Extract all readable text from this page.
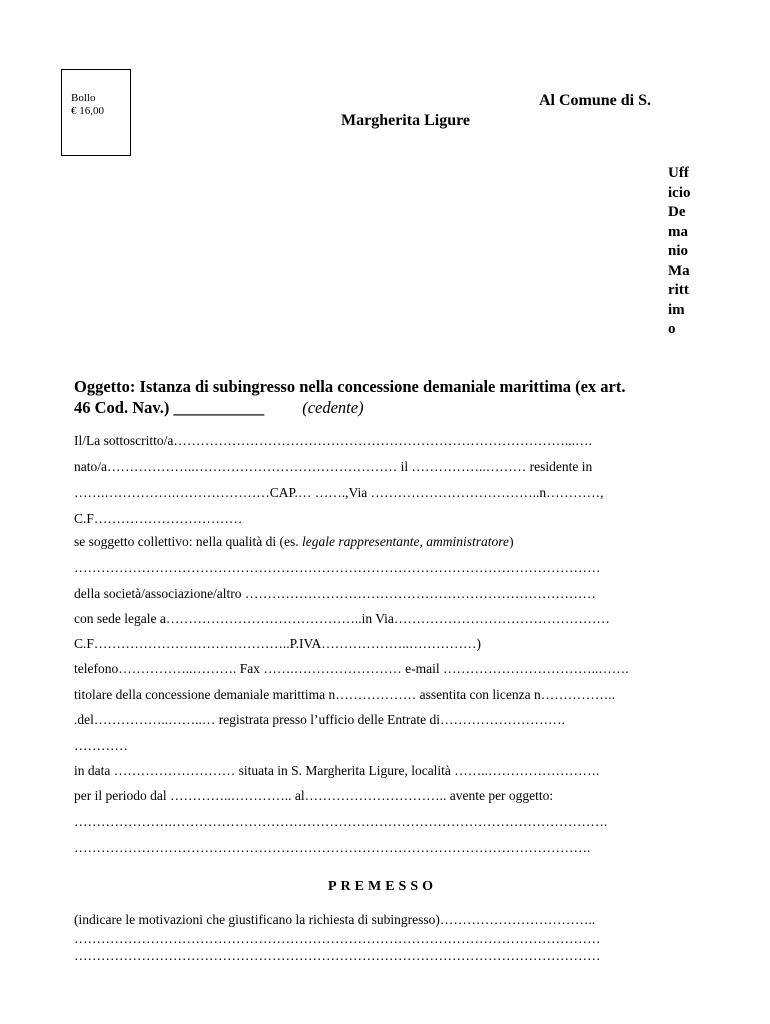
Bollo
€ 16,00
Al Comune di S.
Margherita Ligure
Uff
icio
De
ma
nio
Ma
ritt
im
o
Oggetto: Istanza di subingresso nella concessione demaniale marittima (ex art.
46 Cod. Nav.) ___________ (cedente)
Il/La sottoscritto/a……………………………………………………………………………...….
nato/a………………..……………………………………… il ……………..……… residente in
…….…………….…………………CAP.… …….,Via ………………………………..n…………,
C.F……………………………
se soggetto collettivo: nella qualità di (es. legale rappresentante, amministratore)
………………………………………………………………………………………………………
della società/associazione/altro ……………………………………………………………………
con sede legale a……………………………………..in Via…………………………………………
C.F……………………………………..P.IVA………………..……………)
telefono……………..………. Fax …….…………………… e-mail ……………………………..…….
titolare della concessione demaniale marittima n……………… assentita con licenza n……………..
.del……………..……..… registrata presso l’ufficio delle Entrate di……………………….
…………
in data ……………………… situata in S. Margherita Ligure, località ……..…………………….
per il periodo dal …………..………….. al………………………….. avente per oggetto:
………………….…………………………………………………………………………………….
…………………………………………………………………………………………………….
PREMESSO
(indicare le motivazioni che giustificano la richiesta di subingresso)……………………………..
………………………………………………………………………………………………………
………………………………………………………………………………………………………
